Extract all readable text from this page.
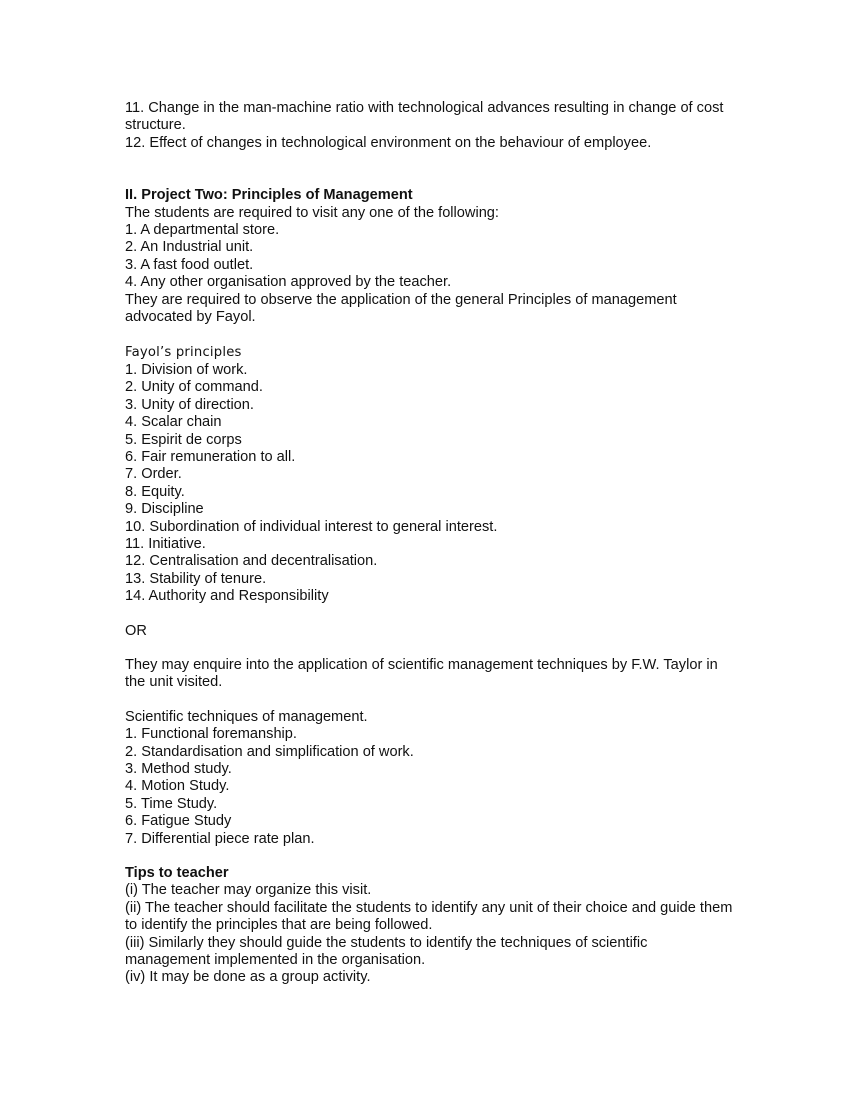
11. Change in the man-machine ratio with technological advances resulting in change of cost structure.
12. Effect of changes in technological environment on the behaviour of employee.
II. Project Two: Principles of Management
The students are required to visit any one of the following:
1. A departmental store.
2. An Industrial unit.
3. A fast food outlet.
4. Any other organisation approved by the teacher.
They are required to observe the application of the general Principles of management advocated by Fayol.
Fayol’s principles
1. Division of work.
2. Unity of command.
3. Unity of direction.
4. Scalar chain
5. Espirit de corps
6. Fair remuneration to all.
7. Order.
8. Equity.
9. Discipline
10. Subordination of individual interest to general interest.
11. Initiative.
12. Centralisation and decentralisation.
13. Stability of tenure.
14. Authority and Responsibility
OR
They may enquire into the application of scientific management techniques by F.W. Taylor in the unit visited.
Scientific techniques of management.
1. Functional foremanship.
2. Standardisation and simplification of work.
3. Method study.
4. Motion Study.
5. Time Study.
6. Fatigue Study
7. Differential piece rate plan.
Tips to teacher
(i) The teacher may organize this visit.
(ii) The teacher should facilitate the students to identify any unit of their choice and guide them to identify the principles that are being followed.
(iii) Similarly they should guide the students to identify the techniques of scientific management implemented in the organisation.
(iv) It may be done as a group activity.
